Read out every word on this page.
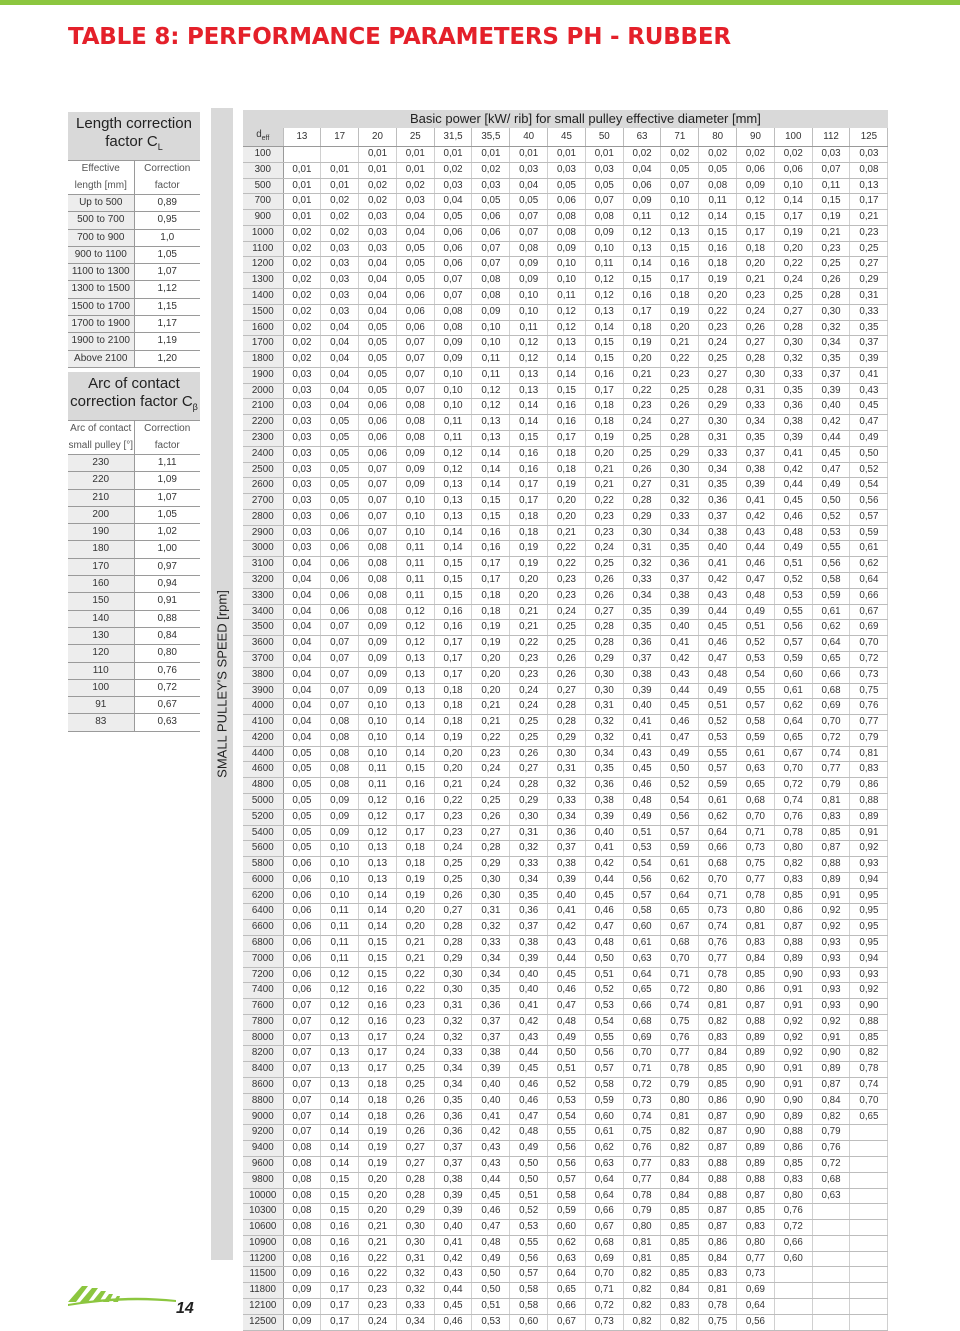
TABLE 8: PERFORMANCE PARAMETERS PH - RUBBER
Length correction factor $C_L$
Effective length [mm]	Correction factor
Up to 500	0,89
500 to 700	0,95
700 to 900	1,0
900 to 1100	1,05
1100 to 1300	1,07
1300 to 1500	1,12
1500 to 1700	1,15
1700 to 1900	1,17
1900 to 2100	1,19
Above 2100	1,20
Arc of contact correction factor $C_\beta$
Arc of contact small pulley [°]	Correction factor
230	1,11
220	1,09
210	1,07
200	1,05
190	1,02
180	1,00
170	0,97
160	0,94
150	0,91
140	0,88
130	0,84
120	0,80
110	0,76
100	0,72
91	0,67
83	0,63	SMALL PULLEY'S SPEED [rpm]
	Basic power [kW/ rib] for small pulley effective diameter [mm]															
$d_{eff}$	13	17	20	25	31,5	35,5	40	45	50	63	71	80	90	100	112	125
100			0,01	0,01	0,01	0,01	0,01	0,01	0,01	0,02	0,02	0,02	0,02	0,02	0,03	0,03
300	0,01	0,01	0,01	0,01	0,02	0,02	0,03	0,03	0,03	0,04	0,05	0,05	0,06	0,06	0,07	0,08
500	0,01	0,01	0,02	0,02	0,03	0,03	0,04	0,05	0,05	0,06	0,07	0,08	0,09	0,10	0,11	0,13
700	0,01	0,02	0,02	0,03	0,04	0,05	0,05	0,06	0,07	0,09	0,10	0,11	0,12	0,14	0,15	0,17
900	0,01	0,02	0,03	0,04	0,05	0,06	0,07	0,08	0,08	0,11	0,12	0,14	0,15	0,17	0,19	0,21
1000	0,02	0,02	0,03	0,04	0,06	0,06	0,07	0,08	0,09	0,12	0,13	0,15	0,17	0,19	0,21	0,23
1100	0,02	0,03	0,03	0,05	0,06	0,07	0,08	0,09	0,10	0,13	0,15	0,16	0,18	0,20	0,23	0,25
1200	0,02	0,03	0,04	0,05	0,06	0,07	0,09	0,10	0,11	0,14	0,16	0,18	0,20	0,22	0,25	0,27
1300	0,02	0,03	0,04	0,05	0,07	0,08	0,09	0,10	0,12	0,15	0,17	0,19	0,21	0,24	0,26	0,29
1400	0,02	0,03	0,04	0,06	0,07	0,08	0,10	0,11	0,12	0,16	0,18	0,20	0,23	0,25	0,28	0,31
1500	0,02	0,03	0,04	0,06	0,08	0,09	0,10	0,12	0,13	0,17	0,19	0,22	0,24	0,27	0,30	0,33
1600	0,02	0,04	0,05	0,06	0,08	0,10	0,11	0,12	0,14	0,18	0,20	0,23	0,26	0,28	0,32	0,35
1700	0,02	0,04	0,05	0,07	0,09	0,10	0,12	0,13	0,15	0,19	0,21	0,24	0,27	0,30	0,34	0,37
1800	0,02	0,04	0,05	0,07	0,09	0,11	0,12	0,14	0,15	0,20	0,22	0,25	0,28	0,32	0,35	0,39
1900	0,03	0,04	0,05	0,07	0,10	0,11	0,13	0,14	0,16	0,21	0,23	0,27	0,30	0,33	0,37	0,41
2000	0,03	0,04	0,05	0,07	0,10	0,12	0,13	0,15	0,17	0,22	0,25	0,28	0,31	0,35	0,39	0,43
2100	0,03	0,04	0,06	0,08	0,10	0,12	0,14	0,16	0,18	0,23	0,26	0,29	0,33	0,36	0,40	0,45
2200	0,03	0,05	0,06	0,08	0,11	0,13	0,14	0,16	0,18	0,24	0,27	0,30	0,34	0,38	0,42	0,47
2300	0,03	0,05	0,06	0,08	0,11	0,13	0,15	0,17	0,19	0,25	0,28	0,31	0,35	0,39	0,44	0,49
2400	0,03	0,05	0,06	0,09	0,12	0,14	0,16	0,18	0,20	0,25	0,29	0,33	0,37	0,41	0,45	0,50
2500	0,03	0,05	0,07	0,09	0,12	0,14	0,16	0,18	0,21	0,26	0,30	0,34	0,38	0,42	0,47	0,52
2600	0,03	0,05	0,07	0,09	0,13	0,14	0,17	0,19	0,21	0,27	0,31	0,35	0,39	0,44	0,49	0,54
2700	0,03	0,05	0,07	0,10	0,13	0,15	0,17	0,20	0,22	0,28	0,32	0,36	0,41	0,45	0,50	0,56
2800	0,03	0,06	0,07	0,10	0,13	0,15	0,18	0,20	0,23	0,29	0,33	0,37	0,42	0,46	0,52	0,57
2900	0,03	0,06	0,07	0,10	0,14	0,16	0,18	0,21	0,23	0,30	0,34	0,38	0,43	0,48	0,53	0,59
3000	0,03	0,06	0,08	0,11	0,14	0,16	0,19	0,22	0,24	0,31	0,35	0,40	0,44	0,49	0,55	0,61
3100	0,04	0,06	0,08	0,11	0,15	0,17	0,19	0,22	0,25	0,32	0,36	0,41	0,46	0,51	0,56	0,62
3200	0,04	0,06	0,08	0,11	0,15	0,17	0,20	0,23	0,26	0,33	0,37	0,42	0,47	0,52	0,58	0,64
3300	0,04	0,06	0,08	0,11	0,15	0,18	0,20	0,23	0,26	0,34	0,38	0,43	0,48	0,53	0,59	0,66
3400	0,04	0,06	0,08	0,12	0,16	0,18	0,21	0,24	0,27	0,35	0,39	0,44	0,49	0,55	0,61	0,67
3500	0,04	0,07	0,09	0,12	0,16	0,19	0,21	0,25	0,28	0,35	0,40	0,45	0,51	0,56	0,62	0,69
3600	0,04	0,07	0,09	0,12	0,17	0,19	0,22	0,25	0,28	0,36	0,41	0,46	0,52	0,57	0,64	0,70
3700	0,04	0,07	0,09	0,13	0,17	0,20	0,23	0,26	0,29	0,37	0,42	0,47	0,53	0,59	0,65	0,72
3800	0,04	0,07	0,09	0,13	0,17	0,20	0,23	0,26	0,30	0,38	0,43	0,48	0,54	0,60	0,66	0,73
3900	0,04	0,07	0,09	0,13	0,18	0,20	0,24	0,27	0,30	0,39	0,44	0,49	0,55	0,61	0,68	0,75
4000	0,04	0,07	0,10	0,13	0,18	0,21	0,24	0,28	0,31	0,40	0,45	0,51	0,57	0,62	0,69	0,76
4100	0,04	0,08	0,10	0,14	0,18	0,21	0,25	0,28	0,32	0,41	0,46	0,52	0,58	0,64	0,70	0,77
4200	0,04	0,08	0,10	0,14	0,19	0,22	0,25	0,29	0,32	0,41	0,47	0,53	0,59	0,65	0,72	0,79
4400	0,05	0,08	0,10	0,14	0,20	0,23	0,26	0,30	0,34	0,43	0,49	0,55	0,61	0,67	0,74	0,81
4600	0,05	0,08	0,11	0,15	0,20	0,24	0,27	0,31	0,35	0,45	0,50	0,57	0,63	0,70	0,77	0,83
4800	0,05	0,08	0,11	0,16	0,21	0,24	0,28	0,32	0,36	0,46	0,52	0,59	0,65	0,72	0,79	0,86
5000	0,05	0,09	0,12	0,16	0,22	0,25	0,29	0,33	0,38	0,48	0,54	0,61	0,68	0,74	0,81	0,88
5200	0,05	0,09	0,12	0,17	0,23	0,26	0,30	0,34	0,39	0,49	0,56	0,62	0,70	0,76	0,83	0,89
5400	0,05	0,09	0,12	0,17	0,23	0,27	0,31	0,36	0,40	0,51	0,57	0,64	0,71	0,78	0,85	0,91
5600	0,05	0,10	0,13	0,18	0,24	0,28	0,32	0,37	0,41	0,53	0,59	0,66	0,73	0,80	0,87	0,92
5800	0,06	0,10	0,13	0,18	0,25	0,29	0,33	0,38	0,42	0,54	0,61	0,68	0,75	0,82	0,88	0,93
6000	0,06	0,10	0,13	0,19	0,25	0,30	0,34	0,39	0,44	0,56	0,62	0,70	0,77	0,83	0,89	0,94
6200	0,06	0,10	0,14	0,19	0,26	0,30	0,35	0,40	0,45	0,57	0,64	0,71	0,78	0,85	0,91	0,95
6400	0,06	0,11	0,14	0,20	0,27	0,31	0,36	0,41	0,46	0,58	0,65	0,73	0,80	0,86	0,92	0,95
6600	0,06	0,11	0,14	0,20	0,28	0,32	0,37	0,42	0,47	0,60	0,67	0,74	0,81	0,87	0,92	0,95
6800	0,06	0,11	0,15	0,21	0,28	0,33	0,38	0,43	0,48	0,61	0,68	0,76	0,83	0,88	0,93	0,95
7000	0,06	0,11	0,15	0,21	0,29	0,34	0,39	0,44	0,50	0,63	0,70	0,77	0,84	0,89	0,93	0,94
7200	0,06	0,12	0,15	0,22	0,30	0,34	0,40	0,45	0,51	0,64	0,71	0,78	0,85	0,90	0,93	0,93
7400	0,06	0,12	0,16	0,22	0,30	0,35	0,40	0,46	0,52	0,65	0,72	0,80	0,86	0,91	0,93	0,92
7600	0,07	0,12	0,16	0,23	0,31	0,36	0,41	0,47	0,53	0,66	0,74	0,81	0,87	0,91	0,93	0,90
7800	0,07	0,12	0,16	0,23	0,32	0,37	0,42	0,48	0,54	0,68	0,75	0,82	0,88	0,92	0,92	0,88
8000	0,07	0,13	0,17	0,24	0,32	0,37	0,43	0,49	0,55	0,69	0,76	0,83	0,89	0,92	0,91	0,85
8200	0,07	0,13	0,17	0,24	0,33	0,38	0,44	0,50	0,56	0,70	0,77	0,84	0,89	0,92	0,90	0,82
8400	0,07	0,13	0,17	0,25	0,34	0,39	0,45	0,51	0,57	0,71	0,78	0,85	0,90	0,91	0,89	0,78
8600	0,07	0,13	0,18	0,25	0,34	0,40	0,46	0,52	0,58	0,72	0,79	0,85	0,90	0,91	0,87	0,74
8800	0,07	0,14	0,18	0,26	0,35	0,40	0,46	0,53	0,59	0,73	0,80	0,86	0,90	0,90	0,84	0,70
9000	0,07	0,14	0,18	0,26	0,36	0,41	0,47	0,54	0,60	0,74	0,81	0,87	0,90	0,89	0,82	0,65
9200	0,07	0,14	0,19	0,26	0,36	0,42	0,48	0,55	0,61	0,75	0,82	0,87	0,90	0,88	0,79	
9400	0,08	0,14	0,19	0,27	0,37	0,43	0,49	0,56	0,62	0,76	0,82	0,87	0,89	0,86	0,76	
9600	0,08	0,14	0,19	0,27	0,37	0,43	0,50	0,56	0,63	0,77	0,83	0,88	0,89	0,85	0,72	
9800	0,08	0,15	0,20	0,28	0,38	0,44	0,50	0,57	0,64	0,77	0,84	0,88	0,88	0,83	0,68	
10000	0,08	0,15	0,20	0,28	0,39	0,45	0,51	0,58	0,64	0,78	0,84	0,88	0,87	0,80	0,63	
10300	0,08	0,15	0,20	0,29	0,39	0,46	0,52	0,59	0,66	0,79	0,85	0,87	0,85	0,76		
10600	0,08	0,16	0,21	0,30	0,40	0,47	0,53	0,60	0,67	0,80	0,85	0,87	0,83	0,72		
10900	0,08	0,16	0,21	0,30	0,41	0,48	0,55	0,62	0,68	0,81	0,85	0,86	0,80	0,66		
11200	0,08	0,16	0,22	0,31	0,42	0,49	0,56	0,63	0,69	0,81	0,85	0,84	0,77	0,60		
11500	0,09	0,16	0,22	0,32	0,43	0,50	0,57	0,64	0,70	0,82	0,85	0,83	0,73			
11800	0,09	0,17	0,23	0,32	0,44	0,50	0,58	0,65	0,71	0,82	0,84	0,81	0,69			
12100	0,09	0,17	0,23	0,33	0,45	0,51	0,58	0,66	0,72	0,82	0,83	0,78	0,64			
12500	0,09	0,17	0,24	0,34	0,46	0,53	0,60	0,67	0,73	0,82	0,82	0,75	0,56			
14
